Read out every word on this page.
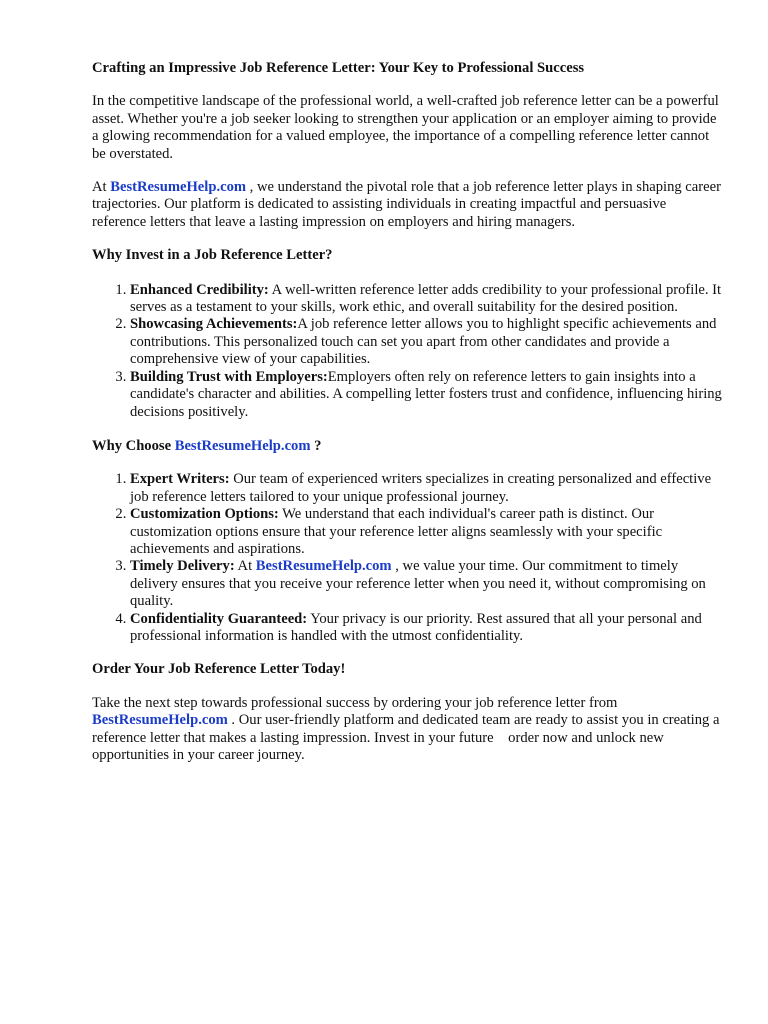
Crafting an Impressive Job Reference Letter: Your Key to Professional Success

In the competitive landscape of the professional world, a well-crafted job reference letter can be a powerful asset. Whether you're a job seeker looking to strengthen your application or an employer aiming to provide a glowing recommendation for a valued employee, the importance of a compelling reference letter cannot be overstated.

At BestResumeHelp.com , we understand the pivotal role that a job reference letter plays in shaping career trajectories. Our platform is dedicated to assisting individuals in creating impactful and persuasive reference letters that leave a lasting impression on employers and hiring managers.

Why Invest in a Job Reference Letter?
1. Enhanced Credibility: A well-written reference letter adds credibility to your professional profile. It serves as a testament to your skills, work ethic, and overall suitability for the desired position.
2. Showcasing Achievements:A job reference letter allows you to highlight specific achievements and contributions. This personalized touch can set you apart from other candidates and provide a comprehensive view of your capabilities.
3. Building Trust with Employers:Employers often rely on reference letters to gain insights into a candidate's character and abilities. A compelling letter fosters trust and confidence, influencing hiring decisions positively.
Why Choose BestResumeHelp.com ?
1. Expert Writers: Our team of experienced writers specializes in creating personalized and effective job reference letters tailored to your unique professional journey.
2. Customization Options: We understand that each individual's career path is distinct. Our customization options ensure that your reference letter aligns seamlessly with your specific achievements and aspirations.
3. Timely Delivery: At BestResumeHelp.com , we value your time. Our commitment to timely delivery ensures that you receive your reference letter when you need it, without compromising on quality.
4. Confidentiality Guaranteed: Your privacy is our priority. Rest assured that all your personal and professional information is handled with the utmost confidentiality.
Order Your Job Reference Letter Today!

Take the next step towards professional success by ordering your job reference letter from BestResumeHelp.com . Our user-friendly platform and dedicated team are ready to assist you in creating a reference letter that makes a lasting impression. Invest in your future    order now and unlock new opportunities in your career journey.
